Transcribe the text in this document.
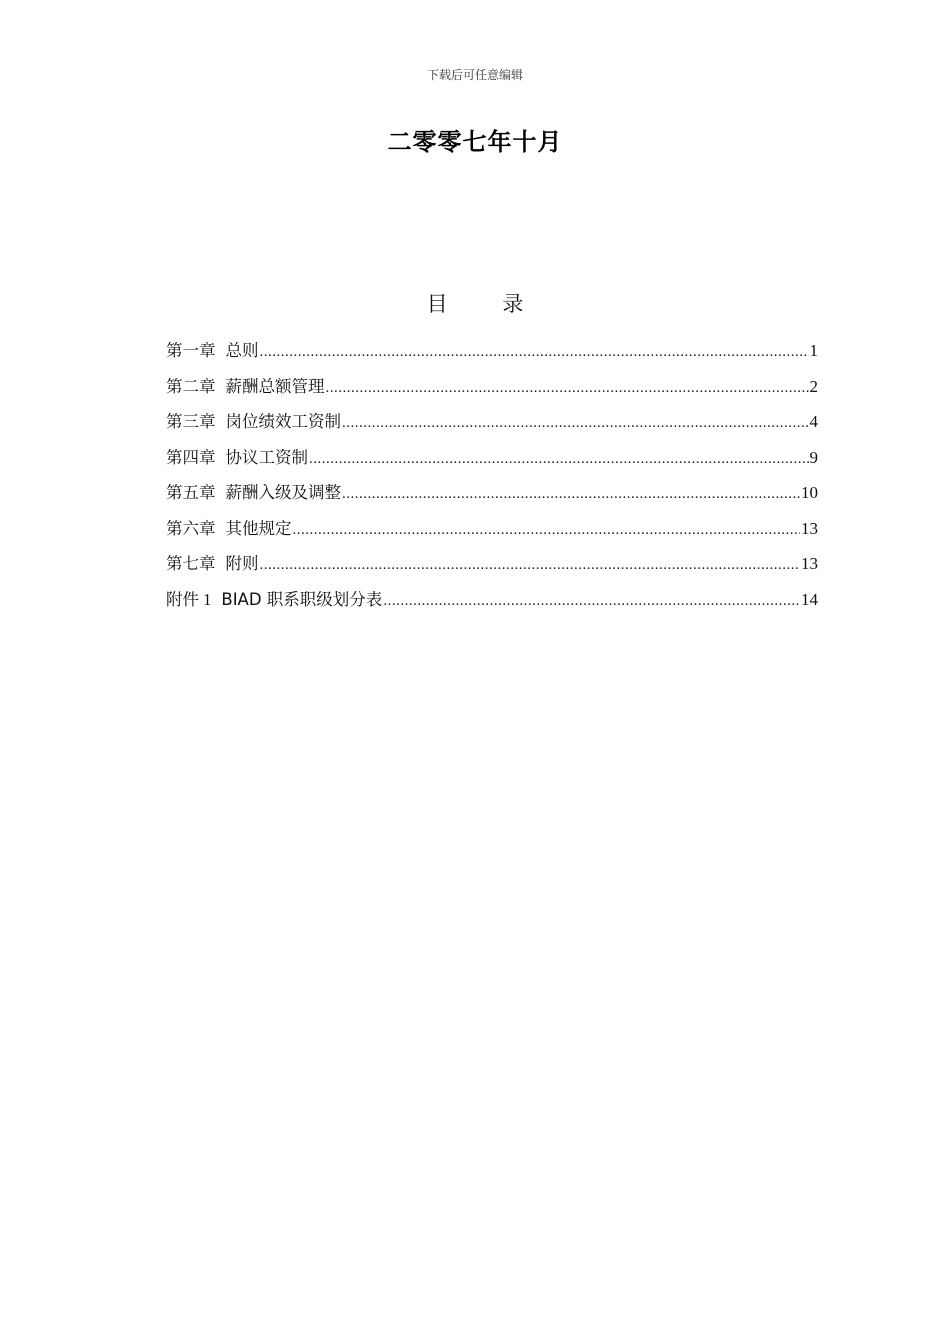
下载后可任意编辑
二零零七年十月
目 录
第一章 总则 .....	1
第二章 薪酬总额管理 .....	2
第三章 岗位绩效工资制 .....	4
第四章 协议工资制 .....	9
第五章 薪酬入级及调整 .....	10
第六章 其他规定 .....	13
第七章 附则 .....	13
附件 1 BIAD 职系职级划分表 .....	14
